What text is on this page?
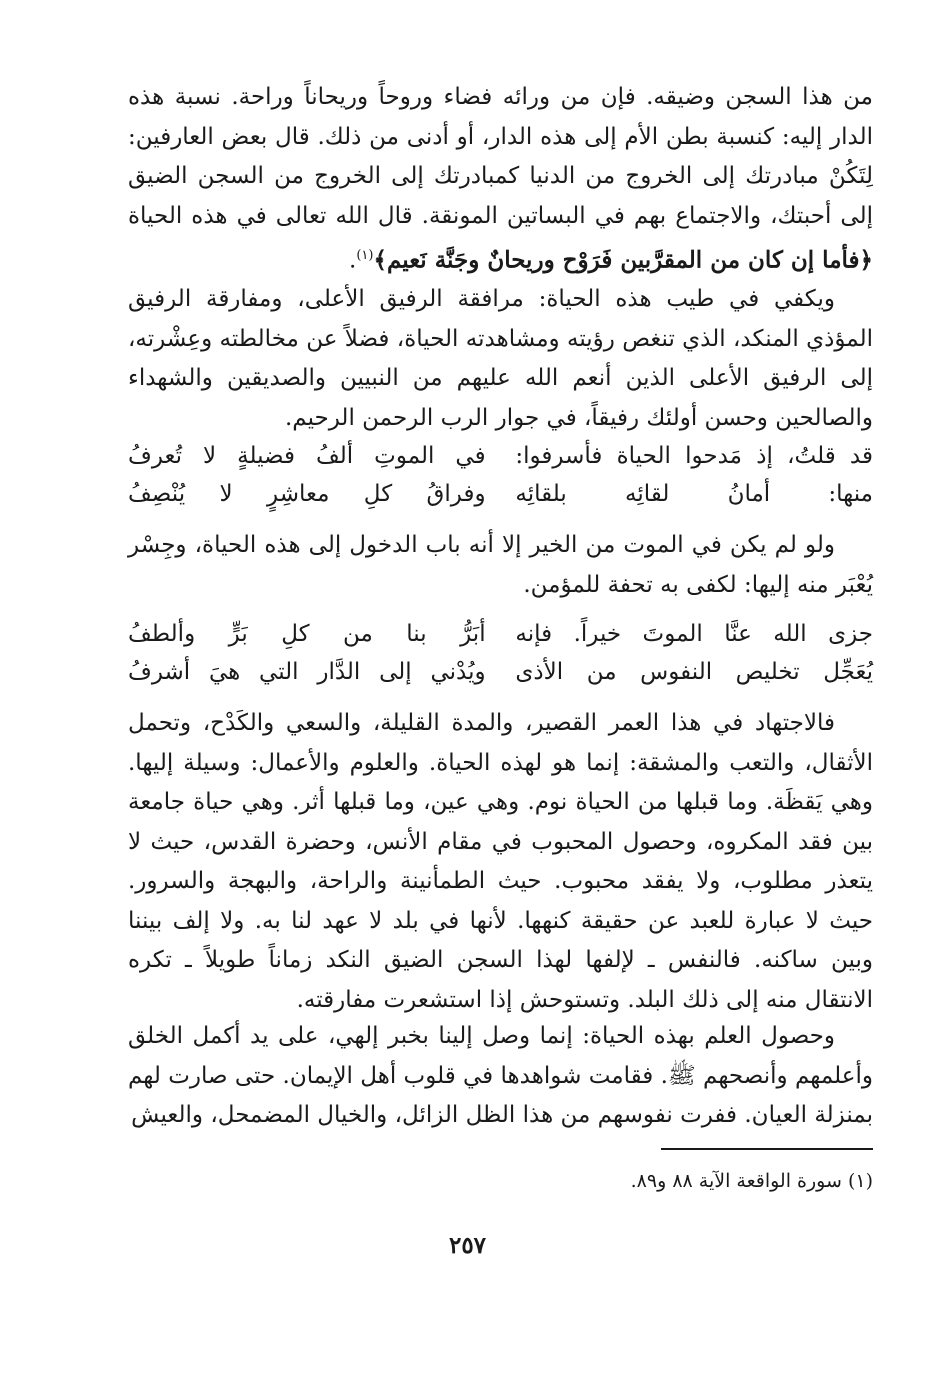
من هذا السجن وضيقه. فإن من ورائه فضاء وروحاً وريحاناً وراحة. نسبة هذه الدار إليه: كنسبة بطن الأم إلى هذه الدار، أو أدنى من ذلك. قال بعض العارفين: لِتَكُنْ مبادرتك إلى الخروج من الدنيا كمبادرتك إلى الخروج من السجن الضيق إلى أحبتك، والاجتماع بهم في البساتين المونقة. قال الله تعالى في هذه الحياة ﴿فأما إن كان من المقرَّبين فَرَوْح وريحانٌ وجَنَّة نَعيم﴾$^{(١)}$.

ويكفي في طيب هذه الحياة: مرافقة الرفيق الأعلى، ومفارقة الرفيق المؤذي المنكد، الذي تنغص رؤيته ومشاهدته الحياة، فضلاً عن مخالطته وعِشْرته، إلى الرفيق الأعلى الذين أنعم الله عليهم من النبيين والصديقين والشهداء والصالحين وحسن أولئك رفيقاً، في جوار الرب الرحمن الرحيم.

قد قلتُ، إذ مَدحوا الحياة فأسرفوا:
في الموتِ ألفُ فضيلةٍ لا تُعرفُ
منها: أمانُ لقائِه بلقائِه
وفراقُ كلِ معاشِرٍ لا يُنْصِفُ

ولو لم يكن في الموت من الخير إلا أنه باب الدخول إلى هذه الحياة، وجِسْر يُعْبَر منه إليها: لكفى به تحفة للمؤمن.

جزى الله عنَّا الموتَ خيراً. فإنه
أبَرُّ بنا من كلِ بَرٍّ وألطفُ
يُعَجِّل تخليص النفوس من الأذى
ويُدْني إلى الدَّار التي هيَ أشرفُ

فالاجتهاد في هذا العمر القصير، والمدة القليلة، والسعي والكَدْح، وتحمل الأثقال، والتعب والمشقة: إنما هو لهذه الحياة. والعلوم والأعمال: وسيلة إليها. وهي يَقظَة. وما قبلها من الحياة نوم. وهي عين، وما قبلها أثر. وهي حياة جامعة بين فقد المكروه، وحصول المحبوب في مقام الأنس، وحضرة القدس، حيث لا يتعذر مطلوب، ولا يفقد محبوب. حيث الطمأنينة والراحة، والبهجة والسرور. حيث لا عبارة للعبد عن حقيقة كنهها. لأنها في بلد لا عهد لنا به. ولا إلف بيننا وبين ساكنه. فالنفس ـ لإلفها لهذا السجن الضيق النكد زماناً طويلاً ـ تكره الانتقال منه إلى ذلك البلد. وتستوحش إذا استشعرت مفارقته.

وحصول العلم بهذه الحياة: إنما وصل إلينا بخبر إلهي، على يد أكمل الخلق وأعلمهم وأنصحهم ﷺ. فقامت شواهدها في قلوب أهل الإيمان. حتى صارت لهم بمنزلة العيان. ففرت نفوسهم من هذا الظل الزائل، والخيال المضمحل، والعيش

(١) سورة الواقعة الآية ٨٨ و٨٩.
٢٥٧
